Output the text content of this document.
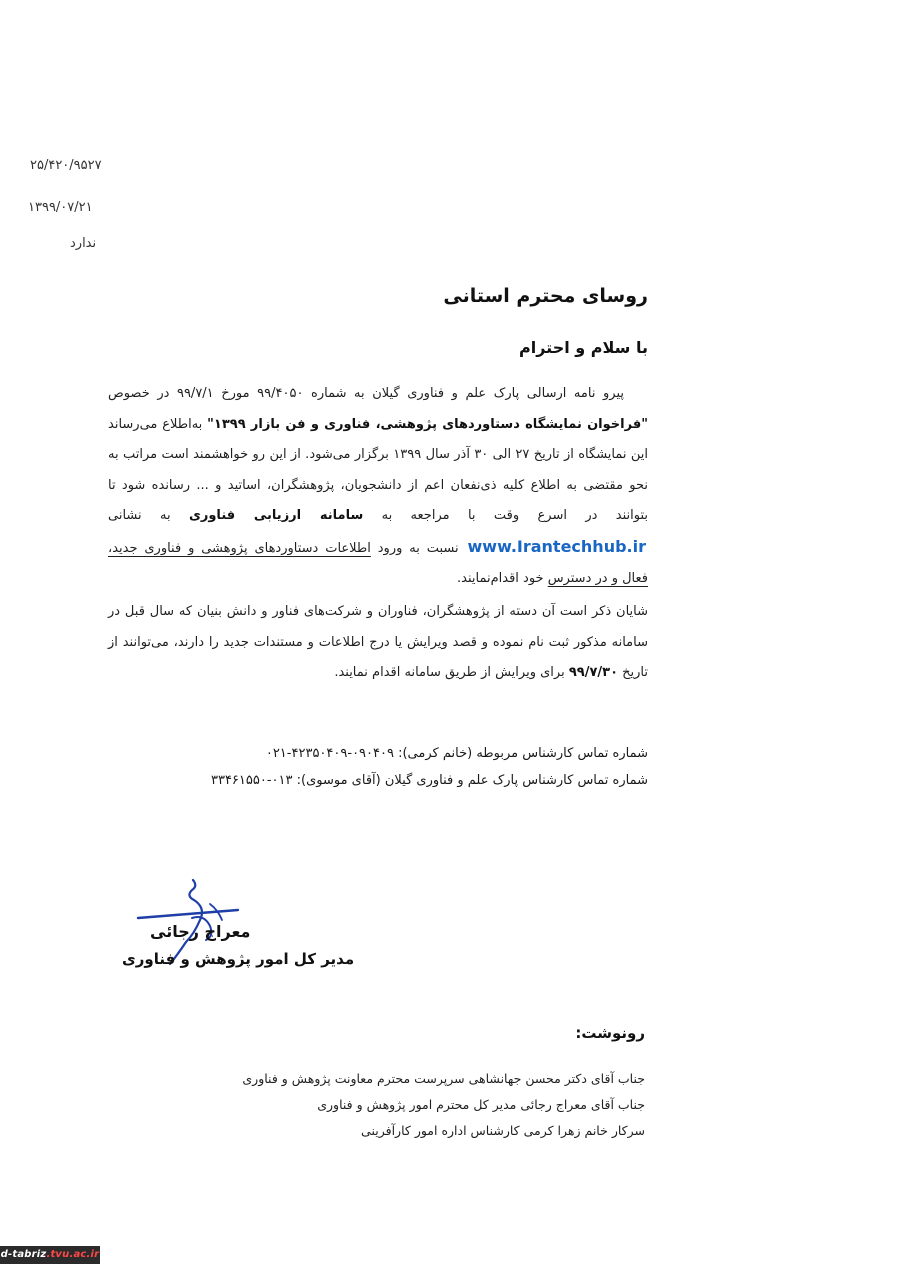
۲۵/۴۲۰/۹۵۲۷
۱۳۹۹/۰۷/۲۱
ندارد
روسای محترم استانی
با سلام و احترام
پیرو نامه ارسالی پارک علم و فناوری گیلان به شماره ۹۹/۴۰۵۰ مورخ ۹۹/۷/۱ در خصوص "فراخوان نمایشگاه دستاوردهای پژوهشی، فناوری و فن بازار ۱۳۹۹" به‌اطلاع می‌رساند این نمایشگاه از تاریخ ۲۷ الی ۳۰ آذر سال ۱۳۹۹ برگزار می‌شود. از این رو خواهشمند است مراتب به نحو مقتضی به اطلاع کلیه ذی‌نفعان اعم از دانشجویان، پژوهشگران، اساتید و ... رسانده شود تا بتوانند در اسرع وقت با مراجعه به سامانه ارزیابی فناوری به نشانی www.Irantechhub.ir نسبت به ورود اطلاعات دستاوردهای پژوهشی و فناوری جدید، فعال و در دسترس خود اقدام‌نمایند.
شایان ذکر است آن دسته از پژوهشگران، فناوران و شرکت‌های فناور و دانش بنیان که سال قبل در سامانه مذکور ثبت نام نموده و قصد ویرایش یا درج اطلاعات و مستندات جدید را دارند، می‌توانند از تاریخ ۹۹/۷/۳۰ برای ویرایش از طریق سامانه اقدام نمایند.
شماره تماس کارشناس مربوطه (خانم کرمی): ۰۹۰۴۰۹-۴۲۳۵۰۴۰۹-۰۲۱
شماره تماس کارشناس پارک علم و فناوری گیلان (آقای موسوی): ۰۱۳-۳۳۴۶۱۵۵۰
معراج رجائی
مدیر کل امور پژوهش و فناوری
رونوشت:
جناب آقای دکتر محسن جهانشاهی سرپرست محترم معاونت پژوهش و فناوری
جناب آقای معراج رجائی مدیر کل محترم امور پژوهش و فناوری
سرکار خانم زهرا کرمی کارشناس اداره امور کارآفرینی
d-tabriz.tvu.ac.ir
